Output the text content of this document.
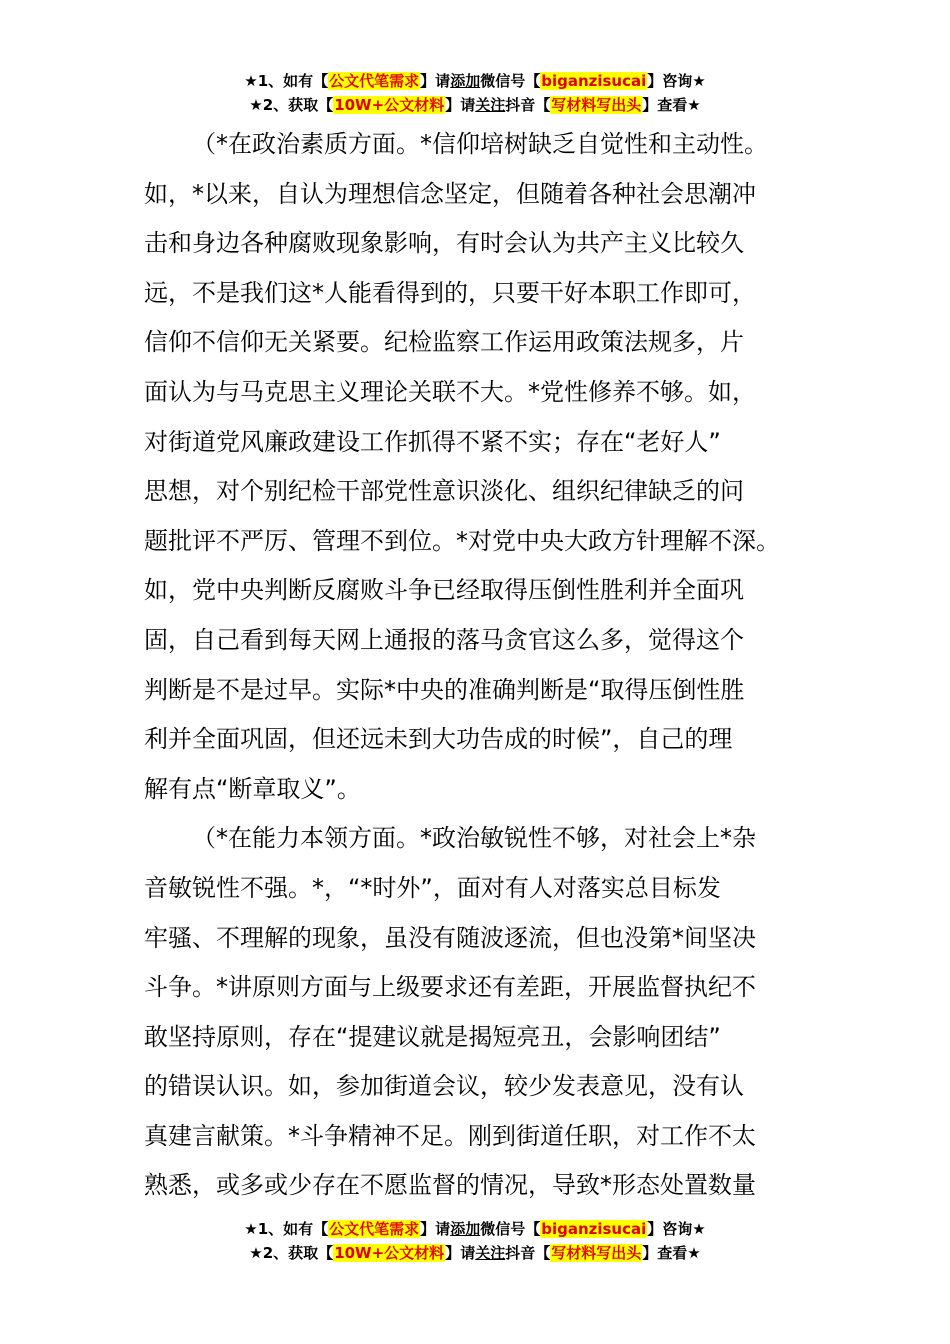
★1、如有【公文代笔需求】请添加微信号【biganzisucai】咨询★
★2、获取【10W+公文材料】请关注抖音【写材料写出头】查看★
（*在政治素质方面。*信仰培树缺乏自觉性和主动性。
如，*以来，自认为理想信念坚定，但随着各种社会思潮冲
击和身边各种腐败现象影响，有时会认为共产主义比较久
远，不是我们这*人能看得到的，只要干好本职工作即可，
信仰不信仰无关紧要。纪检监察工作运用政策法规多，片
面认为与马克思主义理论关联不大。*党性修养不够。如，
对街道党风廉政建设工作抓得不紧不实；存在“老好人”
思想，对个别纪检干部党性意识淡化、组织纪律缺乏的问
题批评不严厉、管理不到位。*对党中央大政方针理解不深。
如，党中央判断反腐败斗争已经取得压倒性胜利并全面巩
固，自己看到每天网上通报的落马贪官这么多，觉得这个
判断是不是过早。实际*中央的准确判断是“取得压倒性胜
利并全面巩固，但还远未到大功告成的时候”，自己的理
解有点“断章取义”。
（*在能力本领方面。*政治敏锐性不够，对社会上*杂
音敏锐性不强。*，“*时外”，面对有人对落实总目标发
牢骚、不理解的现象，虽没有随波逐流，但也没第*间坚决
斗争。*讲原则方面与上级要求还有差距，开展监督执纪不
敢坚持原则，存在“提建议就是揭短亮丑，会影响团结”
的错误认识。如，参加街道会议，较少发表意见，没有认
真建言献策。*斗争精神不足。刚到街道任职，对工作不太
熟悉，或多或少存在不愿监督的情况，导致*形态处置数量
★1、如有【公文代笔需求】请添加微信号【biganzisucai】咨询★
★2、获取【10W+公文材料】请关注抖音【写材料写出头】查看★
